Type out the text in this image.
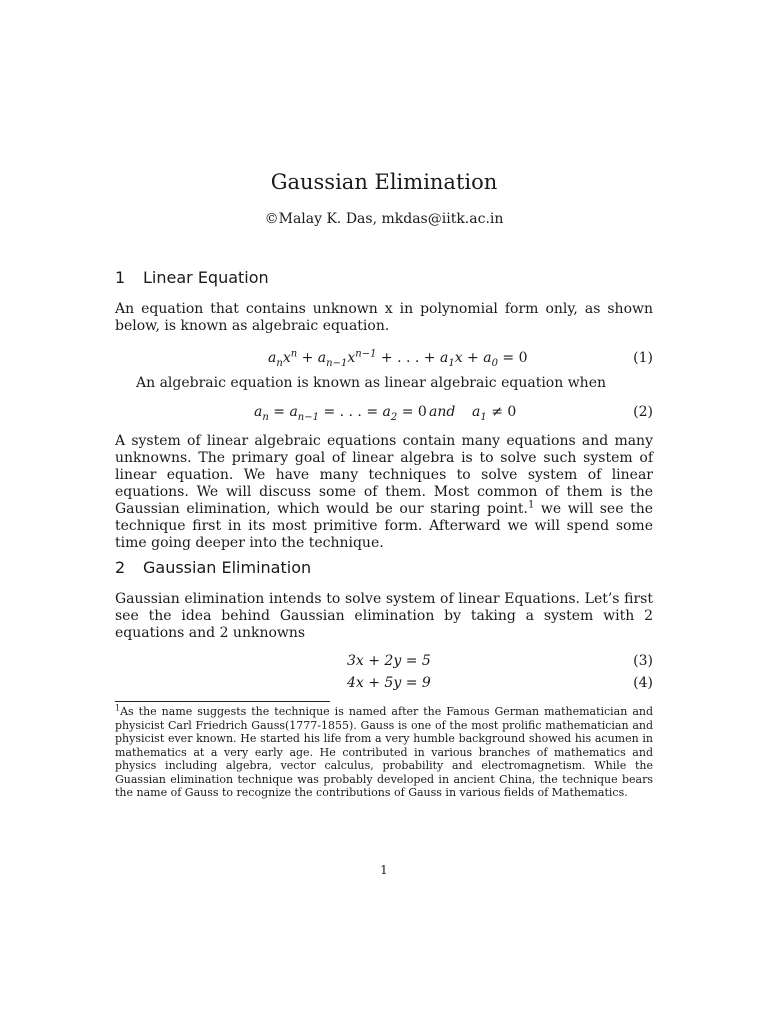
Gaussian Elimination
©Malay K. Das, mkdas@iitk.ac.in
1 Linear Equation
An equation that contains unknown x in polynomial form only, as shown below, is known as algebraic equation.
$a_nx^n + a_{n-1}x^{n-1}$ + . . . + $a_1x + a_0 = 0$	(1)
An algebraic equation is known as linear algebraic equation when
$a_n = a_{n-1}$ = . . . = $a_2 = 0$ and $a_1 \ne 0$	(2)
A system of linear algebraic equations contain many equations and many unknowns. The primary goal of linear algebra is to solve such system of linear equation. We have many techniques to solve system of linear equations. We will discuss some of them. Most common of them is the Gaussian elimination, which would be our staring point.$^1$ we will see the technique first in its most primitive form. Afterward we will spend some time going deeper into the technique.
2 Gaussian Elimination
Gaussian elimination intends to solve system of linear Equations. Let’s first see the idea behind Gaussian elimination by taking a system with 2 equations and 2 unknowns
3x + 2y = 5	(3)
4x + 5y = 9	(4)
$^1$As the name suggests the technique is named after the Famous German mathematician and physicist Carl Friedrich Gauss(1777-1855). Gauss is one of the most prolific mathematician and physicist ever known. He started his life from a very humble background showed his acumen in mathematics at a very early age. He contributed in various branches of mathematics and physics including algebra, vector calculus, probability and electromagnetism. While the Guassian elimination technique was probably developed in ancient China, the technique bears the name of Gauss to recognize the contributions of Gauss in various fields of Mathematics.
1
